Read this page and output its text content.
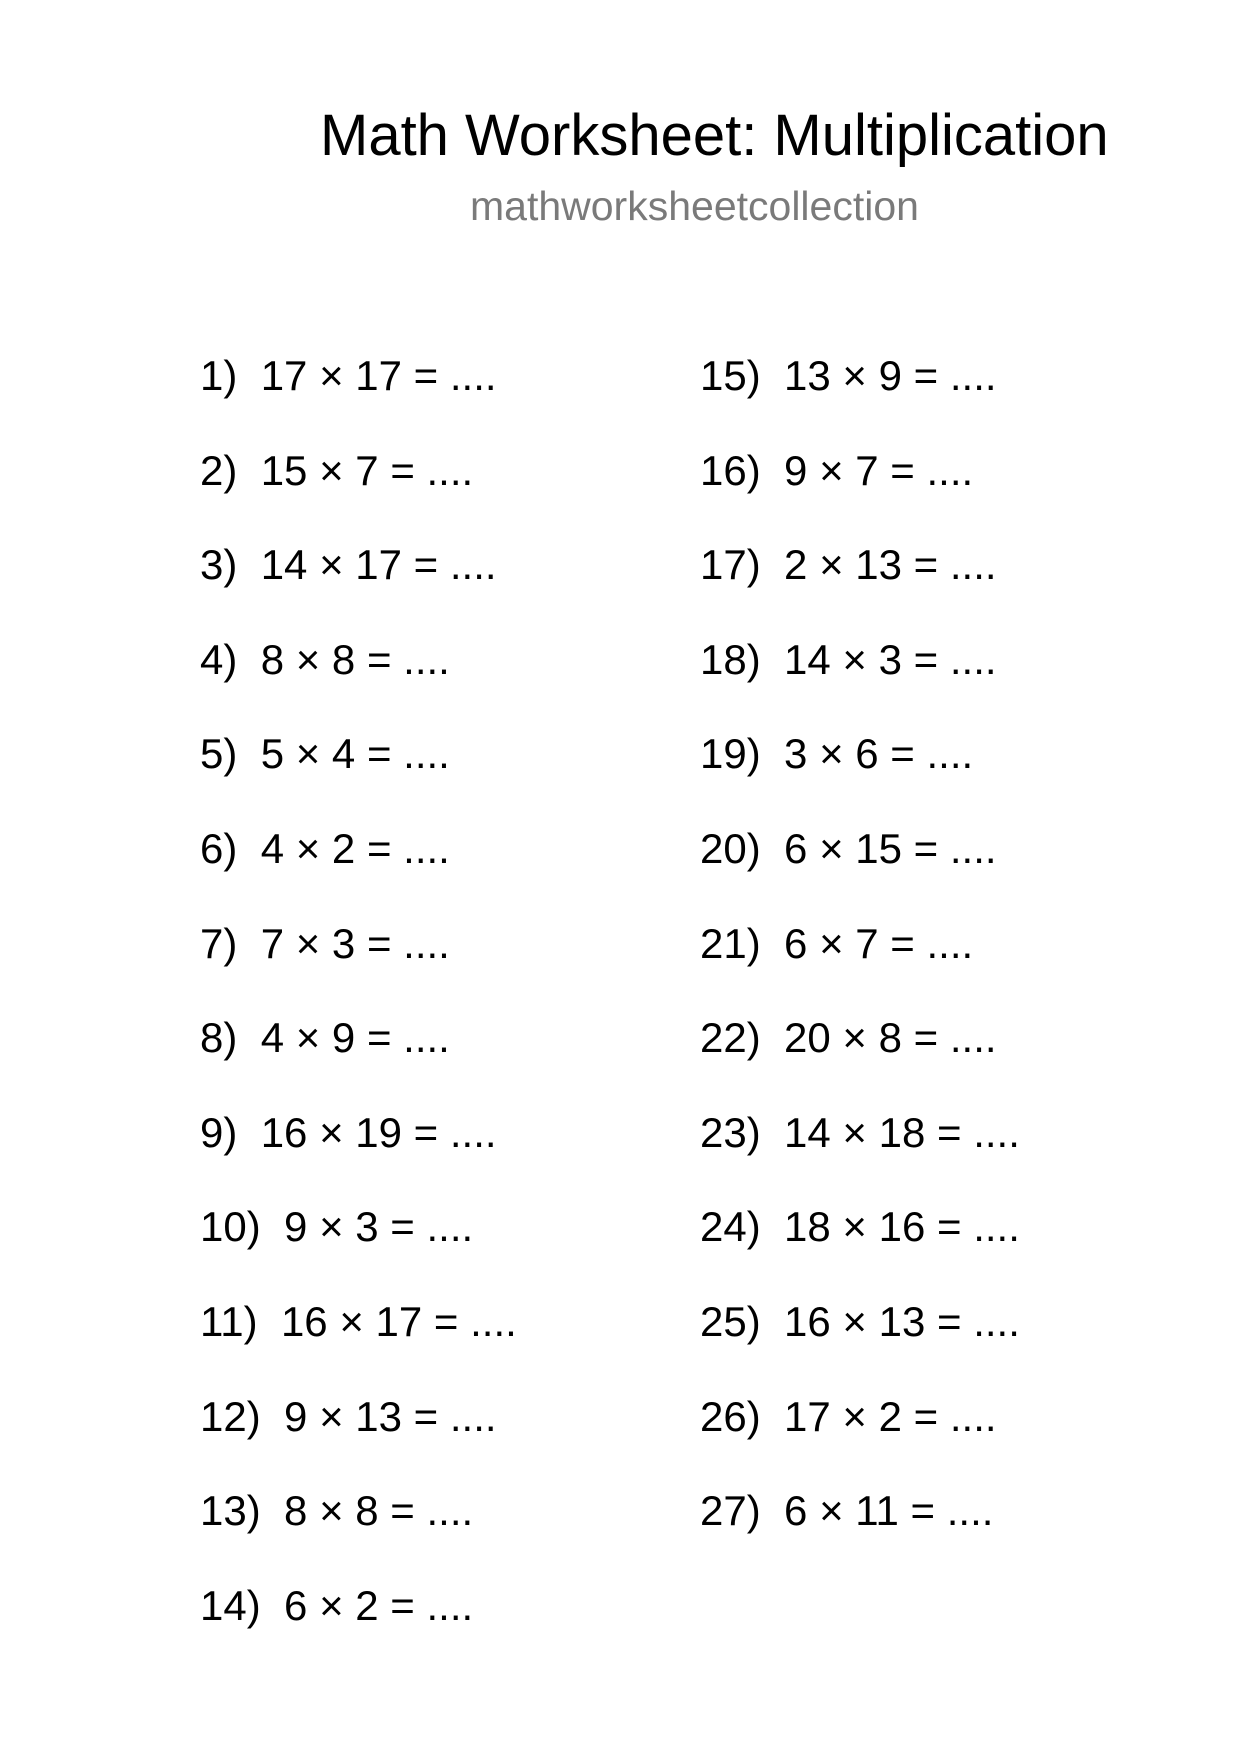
Math Worksheet: Multiplication
mathworksheetcollection
1) 17 × 17 = ....
2) 15 × 7 = ....
3) 14 × 17 = ....
4) 8 × 8 = ....
5) 5 × 4 = ....
6) 4 × 2 = ....
7) 7 × 3 = ....
8) 4 × 9 = ....
9) 16 × 19 = ....
10) 9 × 3 = ....
11) 16 × 17 = ....
12) 9 × 13 = ....
13) 8 × 8 = ....
14) 6 × 2 = ....
15) 13 × 9 = ....
16) 9 × 7 = ....
17) 2 × 13 = ....
18) 14 × 3 = ....
19) 3 × 6 = ....
20) 6 × 15 = ....
21) 6 × 7 = ....
22) 20 × 8 = ....
23) 14 × 18 = ....
24) 18 × 16 = ....
25) 16 × 13 = ....
26) 17 × 2 = ....
27) 6 × 11 = ....
